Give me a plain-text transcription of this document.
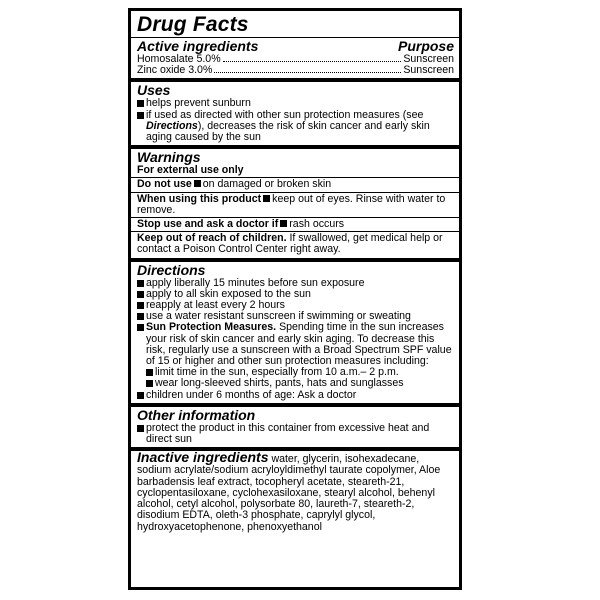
Drug Facts
Active ingredients	Purpose
Homosalate 5.0%	Sunscreen
Zinc oxide 3.0%	Sunscreen
Uses
helps prevent sunburn
if used as directed with other sun protection measures (see Directions), decreases the risk of skin cancer and early skin aging caused by the sun
Warnings
For external use only
Do not use on damaged or broken skin
When using this product keep out of eyes. Rinse with water to remove.
Stop use and ask a doctor if rash occurs
Keep out of reach of children. If swallowed, get medical help or contact a Poison Control Center right away.
Directions
apply liberally 15 minutes before sun exposure
apply to all skin exposed to the sun
reapply at least every 2 hours
use a water resistant sunscreen if swimming or sweating
Sun Protection Measures. Spending time in the sun increases your risk of skin cancer and early skin aging. To decrease this risk, regularly use a sunscreen with a Broad Spectrum SPF value of 15 or higher and other sun protection measures including:
limit time in the sun, especially from 10 a.m.– 2 p.m.
wear long-sleeved shirts, pants, hats and sunglasses
children under 6 months of age: Ask a doctor
Other information
protect the product in this container from excessive heat and direct sun
Inactive ingredients water, glycerin, isohexadecane, sodium acrylate/sodium acryloyldimethyl taurate copolymer, Aloe barbadensis leaf extract, tocopheryl acetate, steareth-21, cyclopentasiloxane, cyclohexasiloxane, stearyl alcohol, behenyl alcohol, cetyl alcohol, polysorbate 80, laureth-7, steareth-2, disodium EDTA, oleth-3 phosphate, caprylyl glycol, hydroxyacetophenone, phenoxyethanol
